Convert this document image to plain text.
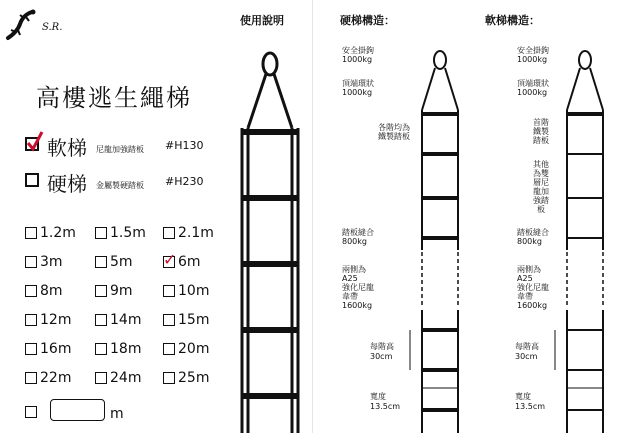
S.R.
高樓逃生繩梯
軟梯 尼龍加強踏板 #H130
硬梯 金屬製硬踏板 #H230
1.2m	1.5m	2.1m
3m	5m ✓ 6m
8m	9m	10m
12m	14m	15m
16m	18m	20m
22m	24m	25m
m
使用說明	硬梯構造：	軟梯構造：
安全掛鉤
1000kg
頂端環狀
1000kg
各階均為鐵製踏板
踏板縫合
800kg
兩側為
A25
強化尼龍
韋帶
1600kg
每階高
30cm
寬度
13.5cm
安全掛鉤
1000kg
頂端環狀
1000kg
首階鐵製踏板
其他為雙層尼龍加強踏板
踏板縫合
800kg
兩側為
A25
強化尼龍
韋帶
1600kg
每階高
30cm
寬度
13.5cm
